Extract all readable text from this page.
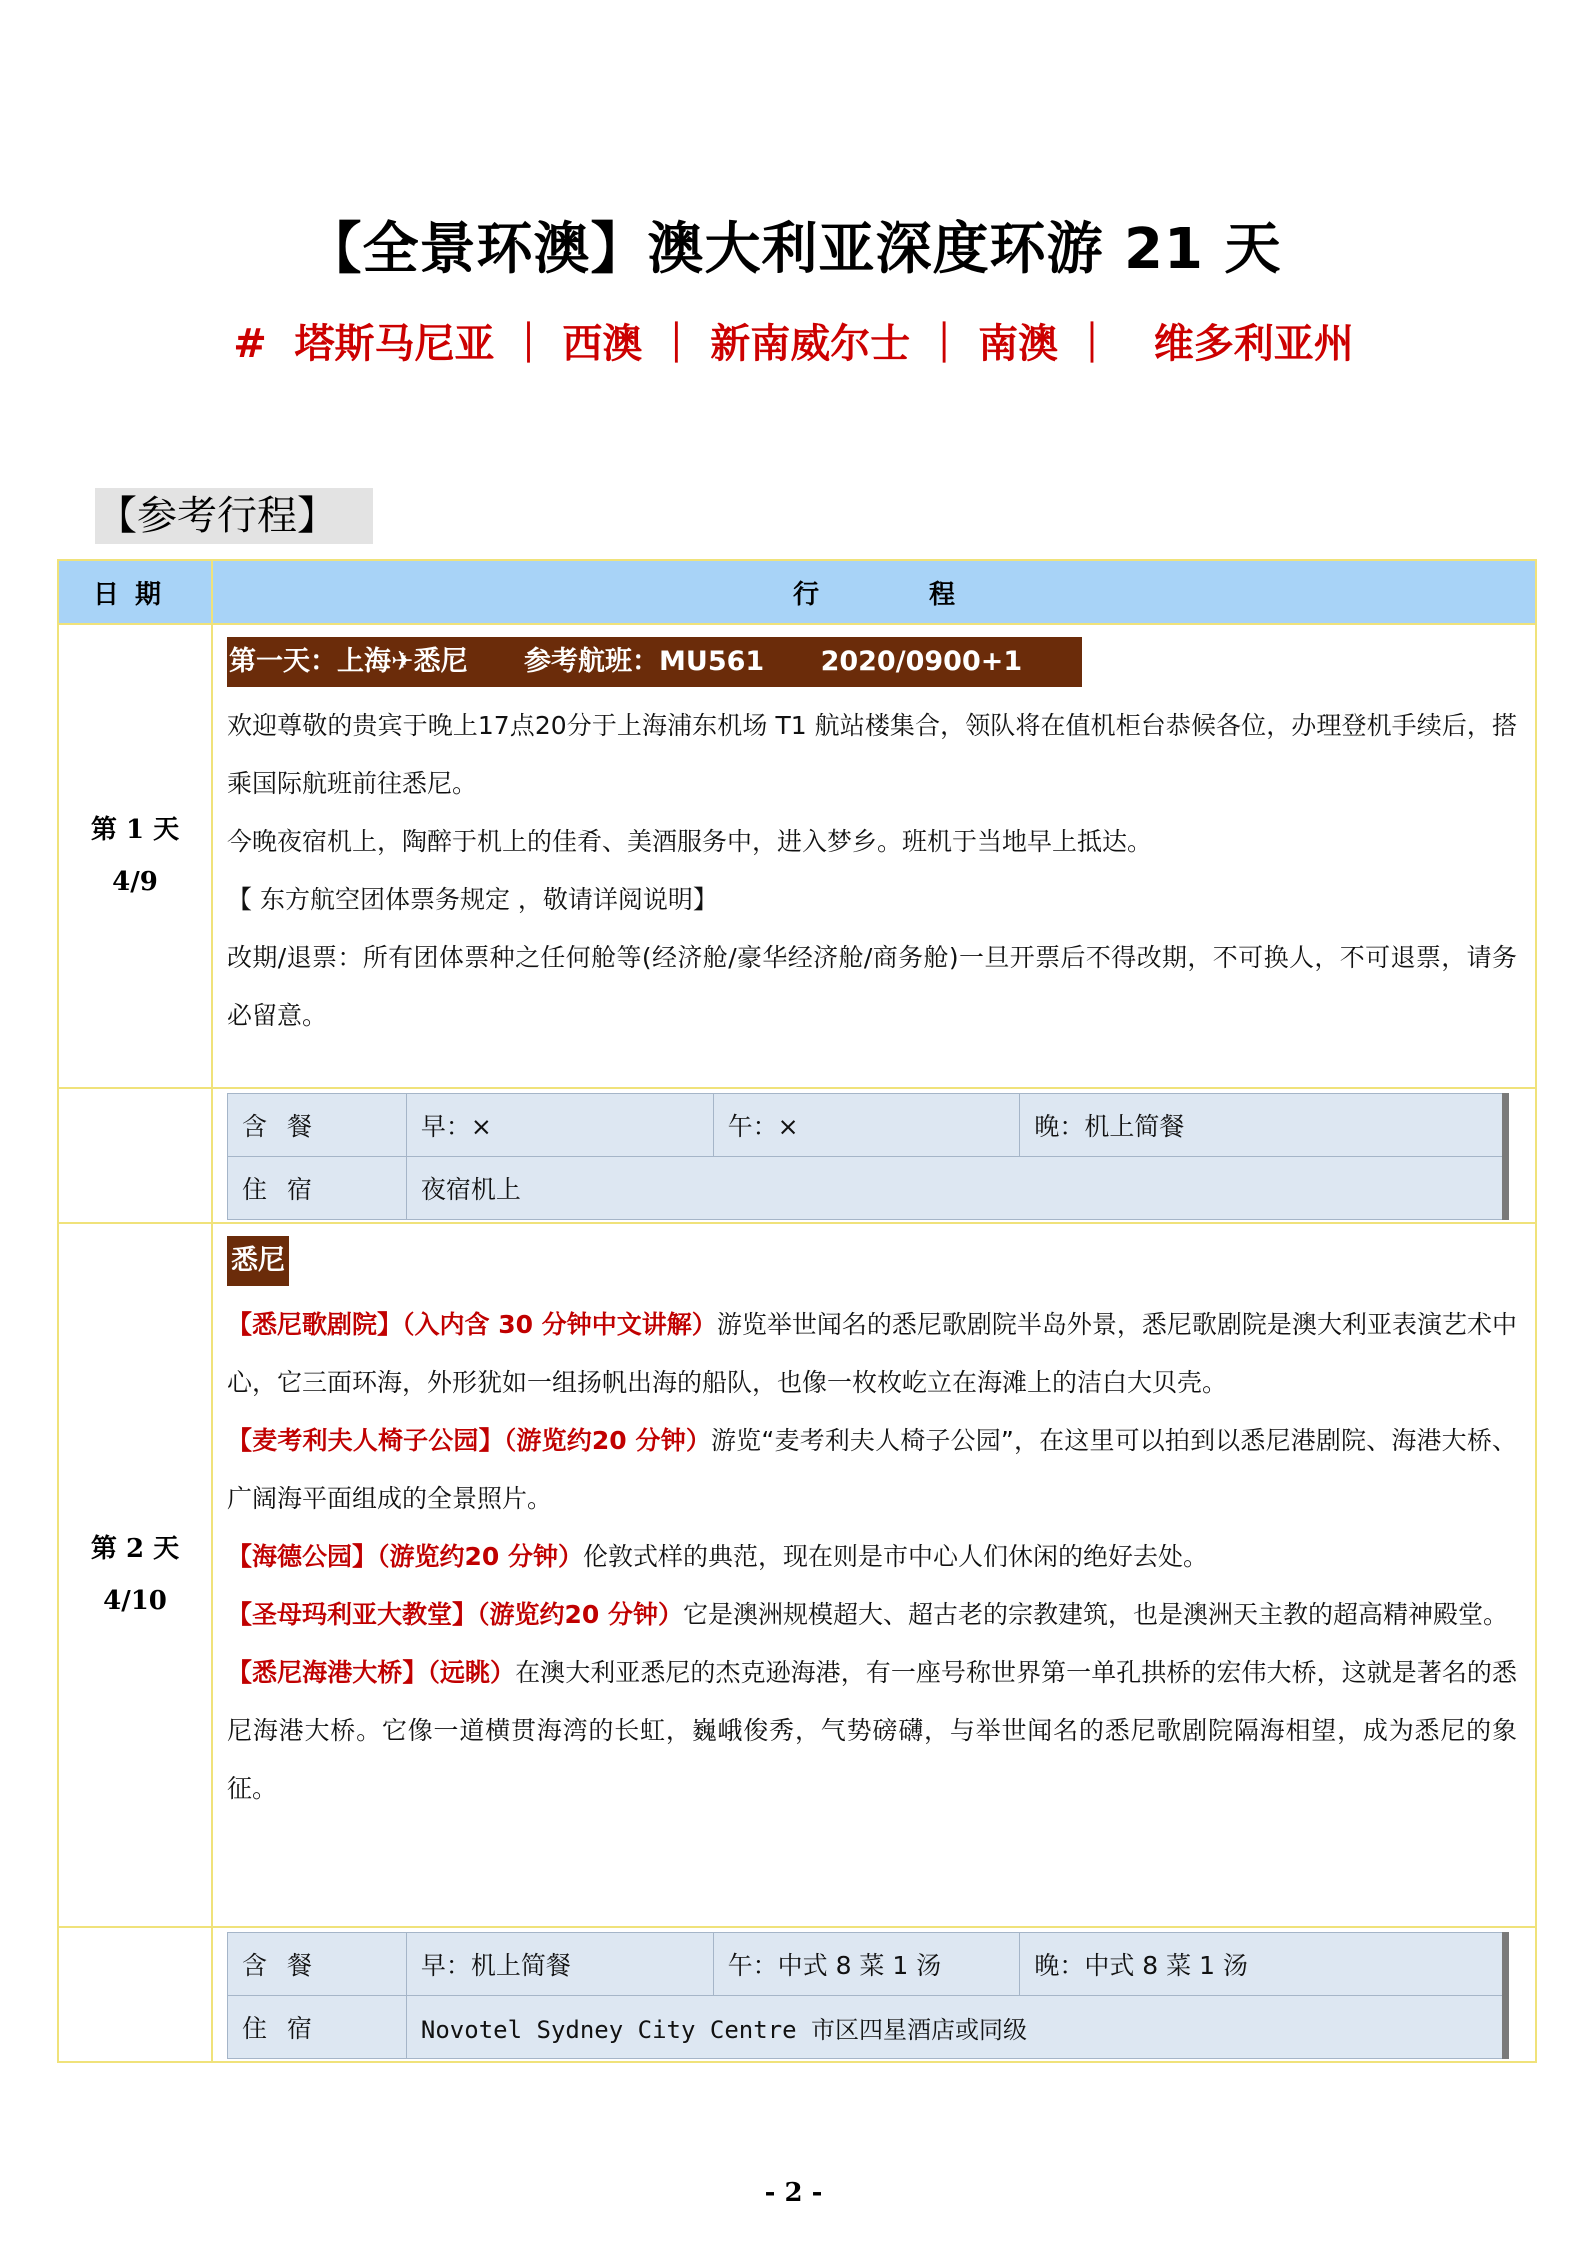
【全景环澳】澳大利亚深度环游 21 天
#  塔斯马尼亚 ｜ 西澳 ｜ 新南威尔士 ｜ 南澳 ｜   维多利亚州
【参考行程】
日期	行程

第 1 天
4/9
	第一天：上海✈悉尼      参考航班：MU561      2020/0900+1

欢迎尊敬的贵宾于晚上17点20分于上海浦东机场 T1 航站楼集合，领队将在值机柜台恭候各位，办理登机手续后，搭乘国际航班前往悉尼。

今晚夜宿机上，陶醉于机上的佳肴、美酒服务中，进入梦乡。班机于当地早上抵达。

【 东方航空团体票务规定 ，敬请详阅说明】

改期/退票：所有团体票种之任何舱等(经济舱/豪华经济舱/商务舱)一旦开票后不得改期，不可换人，不可退票，请务必留意。

含餐	早：×	午：×	晚：机上简餐
住宿	夜宿机上

第 2 天
4/10
	悉尼

【悉尼歌剧院】（入内含 30 分钟中文讲解）游览举世闻名的悉尼歌剧院半岛外景，悉尼歌剧院是澳大利亚表演艺术中心，它三面环海，外形犹如一组扬帆出海的船队，也像一枚枚屹立在海滩上的洁白大贝壳。

【麦考利夫人椅子公园】（游览约20 分钟）游览“麦考利夫人椅子公园”，在这里可以拍到以悉尼港剧院、海港大桥、广阔海平面组成的全景照片。

【海德公园】（游览约20 分钟）伦敦式样的典范，现在则是市中心人们休闲的绝好去处。

【圣母玛利亚大教堂】（游览约20 分钟）它是澳洲规模超大、超古老的宗教建筑，也是澳洲天主教的超高精神殿堂。

【悉尼海港大桥】（远眺）在澳大利亚悉尼的杰克逊海港，有一座号称世界第一单孔拱桥的宏伟大桥，这就是著名的悉尼海港大桥。它像一道横贯海湾的长虹，巍峨俊秀，气势磅礴，与举世闻名的悉尼歌剧院隔海相望，成为悉尼的象征。

含餐	早：机上简餐	午：中式 8 菜 1 汤	晚：中式 8 菜 1 汤
住宿	Novotel Sydney City Centre 市区四星酒店或同级
- 2 -
